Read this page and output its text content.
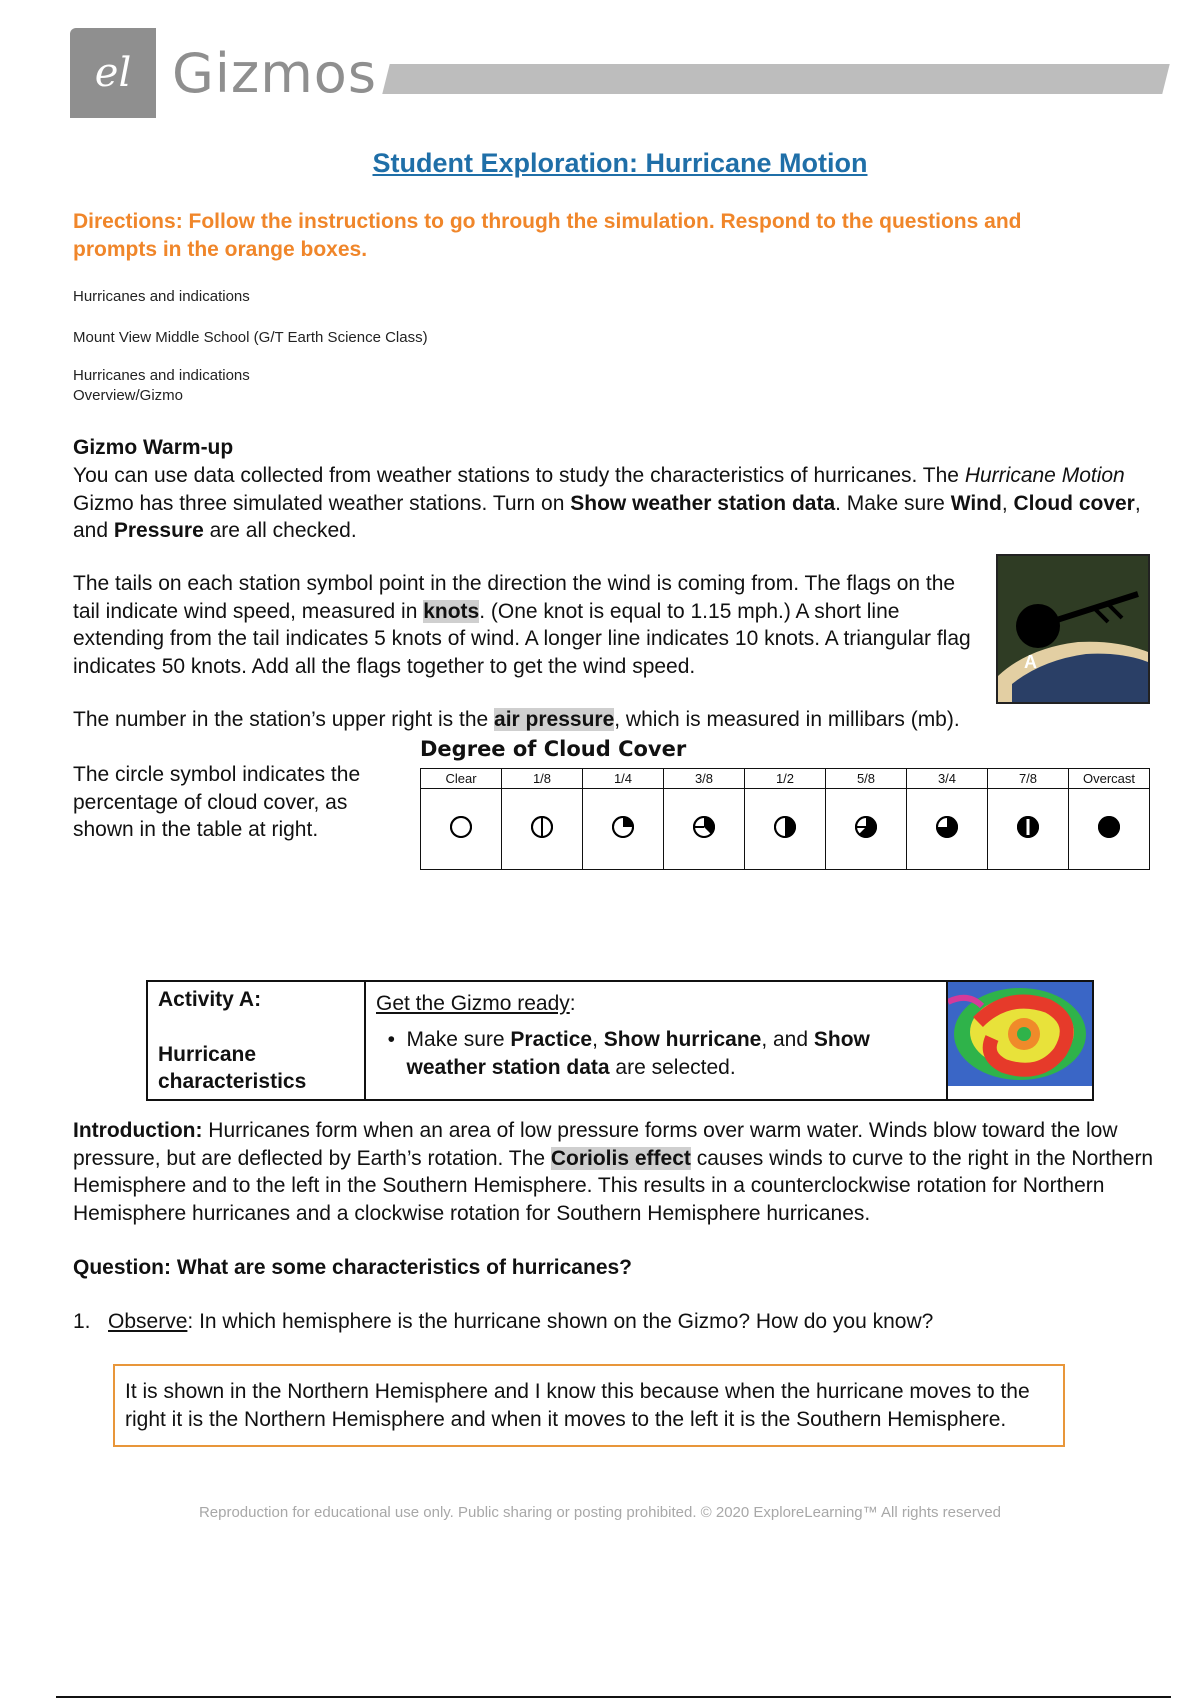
el Gizmos
Student Exploration: Hurricane Motion
Directions: Follow the instructions to go through the simulation. Respond to the questions and prompts in the orange boxes.
Hurricanes and indications
Mount View Middle School (G/T Earth Science Class)
Hurricanes and indications
Overview/Gizmo
Gizmo Warm-up
You can use data collected from weather stations to study the characteristics of hurricanes. The Hurricane Motion Gizmo has three simulated weather stations. Turn on Show weather station data. Make sure Wind, Cloud cover, and Pressure are all checked.
The tails on each station symbol point in the direction the wind is coming from. The flags on the tail indicate wind speed, measured in knots. (One knot is equal to 1.15 mph.) A short line extending from the tail indicates 5 knots of wind. A longer line indicates 10 knots. A triangular flag indicates 50 knots. Add all the flags together to get the wind speed.	A
The number in the station’s upper right is the air pressure, which is measured in millibars (mb).
The circle symbol indicates the percentage of cloud cover, as shown in the table at right.
Degree of Cloud Cover
Clear	1/8	1/4	3/8	1/2	5/8	3/4	7/8	Overcast

Activity A:
Hurricane
characteristics

Get the Gizmo ready:
• Make sure Practice, Show hurricane, and Show weather station data are selected.

Introduction: Hurricanes form when an area of low pressure forms over warm water. Winds blow toward the low pressure, but are deflected by Earth’s rotation. The Coriolis effect causes winds to curve to the right in the Northern Hemisphere and to the left in the Southern Hemisphere. This results in a counterclockwise rotation for Northern Hemisphere hurricanes and a clockwise rotation for Southern Hemisphere hurricanes.
Question: What are some characteristics of hurricanes?
1. Observe: In which hemisphere is the hurricane shown on the Gizmo? How do you know?
It is shown in the Northern Hemisphere and I know this because when the hurricane moves to the right it is the Northern Hemisphere and when it moves to the left it is the Southern Hemisphere.
Reproduction for educational use only. Public sharing or posting prohibited. © 2020 ExploreLearning™ All rights reserved
